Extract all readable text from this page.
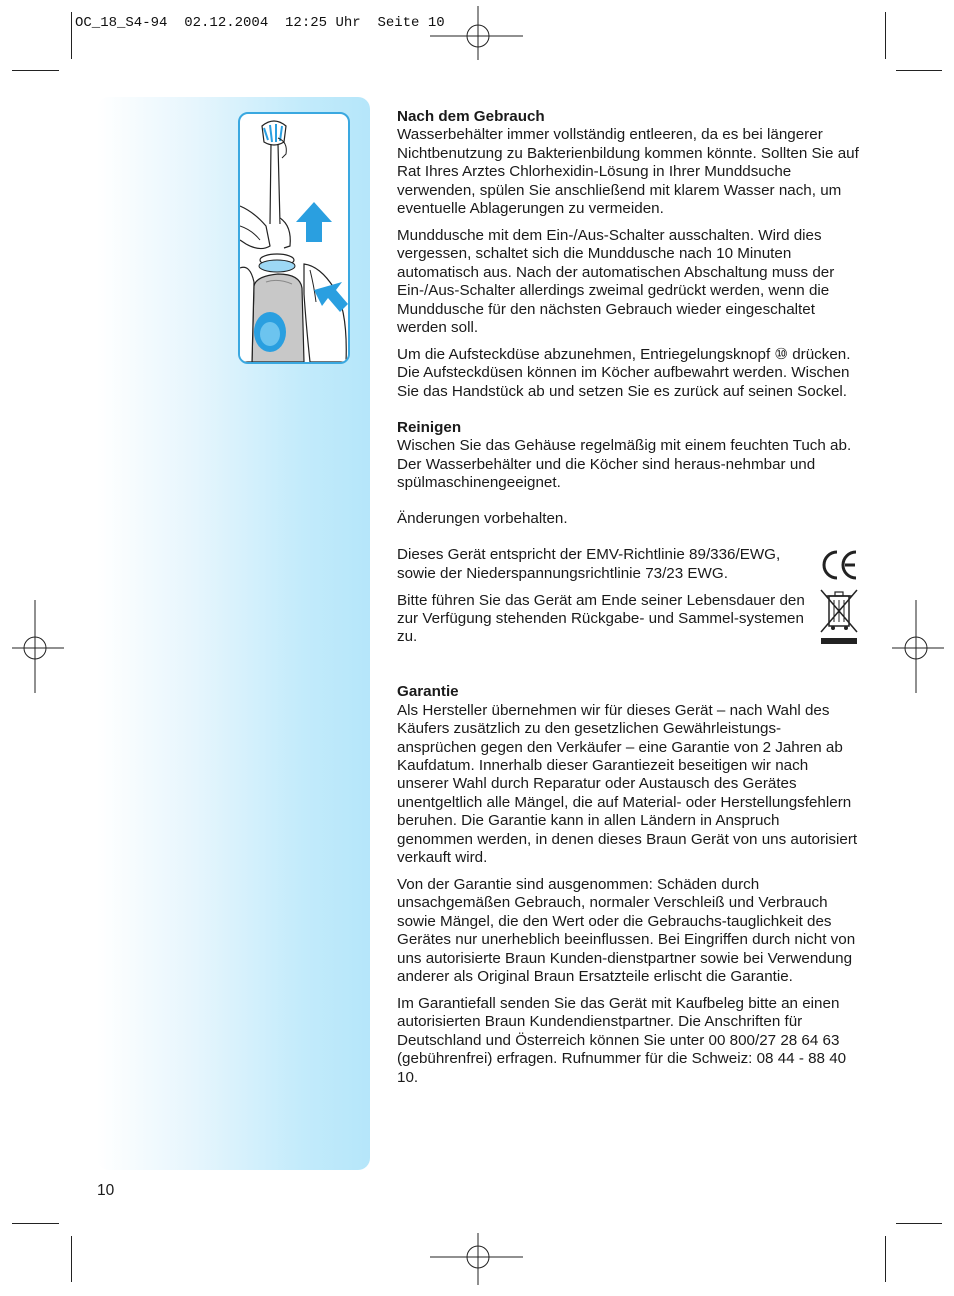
OC_18_S4-94  02.12.2004  12:25 Uhr  Seite 10
Nach dem Gebrauch

Wasserbehälter immer vollständig entleeren, da es bei längerer Nichtbenutzung zu Bakterienbildung kommen könnte. Sollten Sie auf Rat Ihres Arztes Chlorhexidin-Lösung in Ihrer Munddsuche verwenden, spülen Sie anschließend mit klarem Wasser nach, um eventuelle Ablagerungen zu vermeiden.

Munddusche mit dem Ein-/Aus-Schalter ausschalten. Wird dies vergessen, schaltet sich die Munddusche nach 10 Minuten automatisch aus. Nach der automatischen Abschaltung muss der Ein-/Aus-Schalter allerdings zweimal gedrückt werden, wenn die Munddusche für den nächsten Gebrauch wieder eingeschaltet werden soll.

Um die Aufsteckdüse abzunehmen, Entriegelungsknopf ⑩ drücken. Die Aufsteckdüsen können im Köcher aufbewahrt werden. Wischen Sie das Handstück ab und setzen Sie es zurück auf seinen Sockel.

Reinigen

Wischen Sie das Gehäuse regelmäßig mit einem feuchten Tuch ab. Der Wasserbehälter und die Köcher sind heraus-nehmbar und spülmaschinengeeignet.

Änderungen vorbehalten.

Dieses Gerät entspricht der EMV-Richtlinie 89/336/EWG, sowie der Niederspannungsrichtlinie 73/23 EWG.

Bitte führen Sie das Gerät am Ende seiner Lebensdauer den zur Verfügung stehenden Rückgabe- und Sammel-systemen zu.

Garantie

Als Hersteller übernehmen wir für dieses Gerät – nach Wahl des Käufers zusätzlich zu den gesetzlichen Gewährleistungs-ansprüchen gegen den Verkäufer – eine Garantie von 2 Jahren ab Kaufdatum. Innerhalb dieser Garantiezeit beseitigen wir nach unserer Wahl durch Reparatur oder Austausch des Gerätes unentgeltlich alle Mängel, die auf Material- oder Herstellungsfehlern beruhen. Die Garantie kann in allen Ländern in Anspruch genommen werden, in denen dieses Braun Gerät von uns autorisiert verkauft wird.

Von der Garantie sind ausgenommen: Schäden durch unsachgemäßen Gebrauch, normaler Verschleiß und Verbrauch sowie Mängel, die den Wert oder die Gebrauchs-tauglichkeit des Gerätes nur unerheblich beeinflussen. Bei Eingriffen durch nicht von uns autorisierte Braun Kunden-dienstpartner sowie bei Verwendung anderer als Original Braun Ersatzteile erlischt die Garantie.

Im Garantiefall senden Sie das Gerät mit Kaufbeleg bitte an einen autorisierten Braun Kundendienstpartner. Die Anschriften für Deutschland und Österreich können Sie unter 00 800/27 28 64 63 (gebührenfrei) erfragen. Rufnummer für die Schweiz: 08 44 - 88 40 10.

10
